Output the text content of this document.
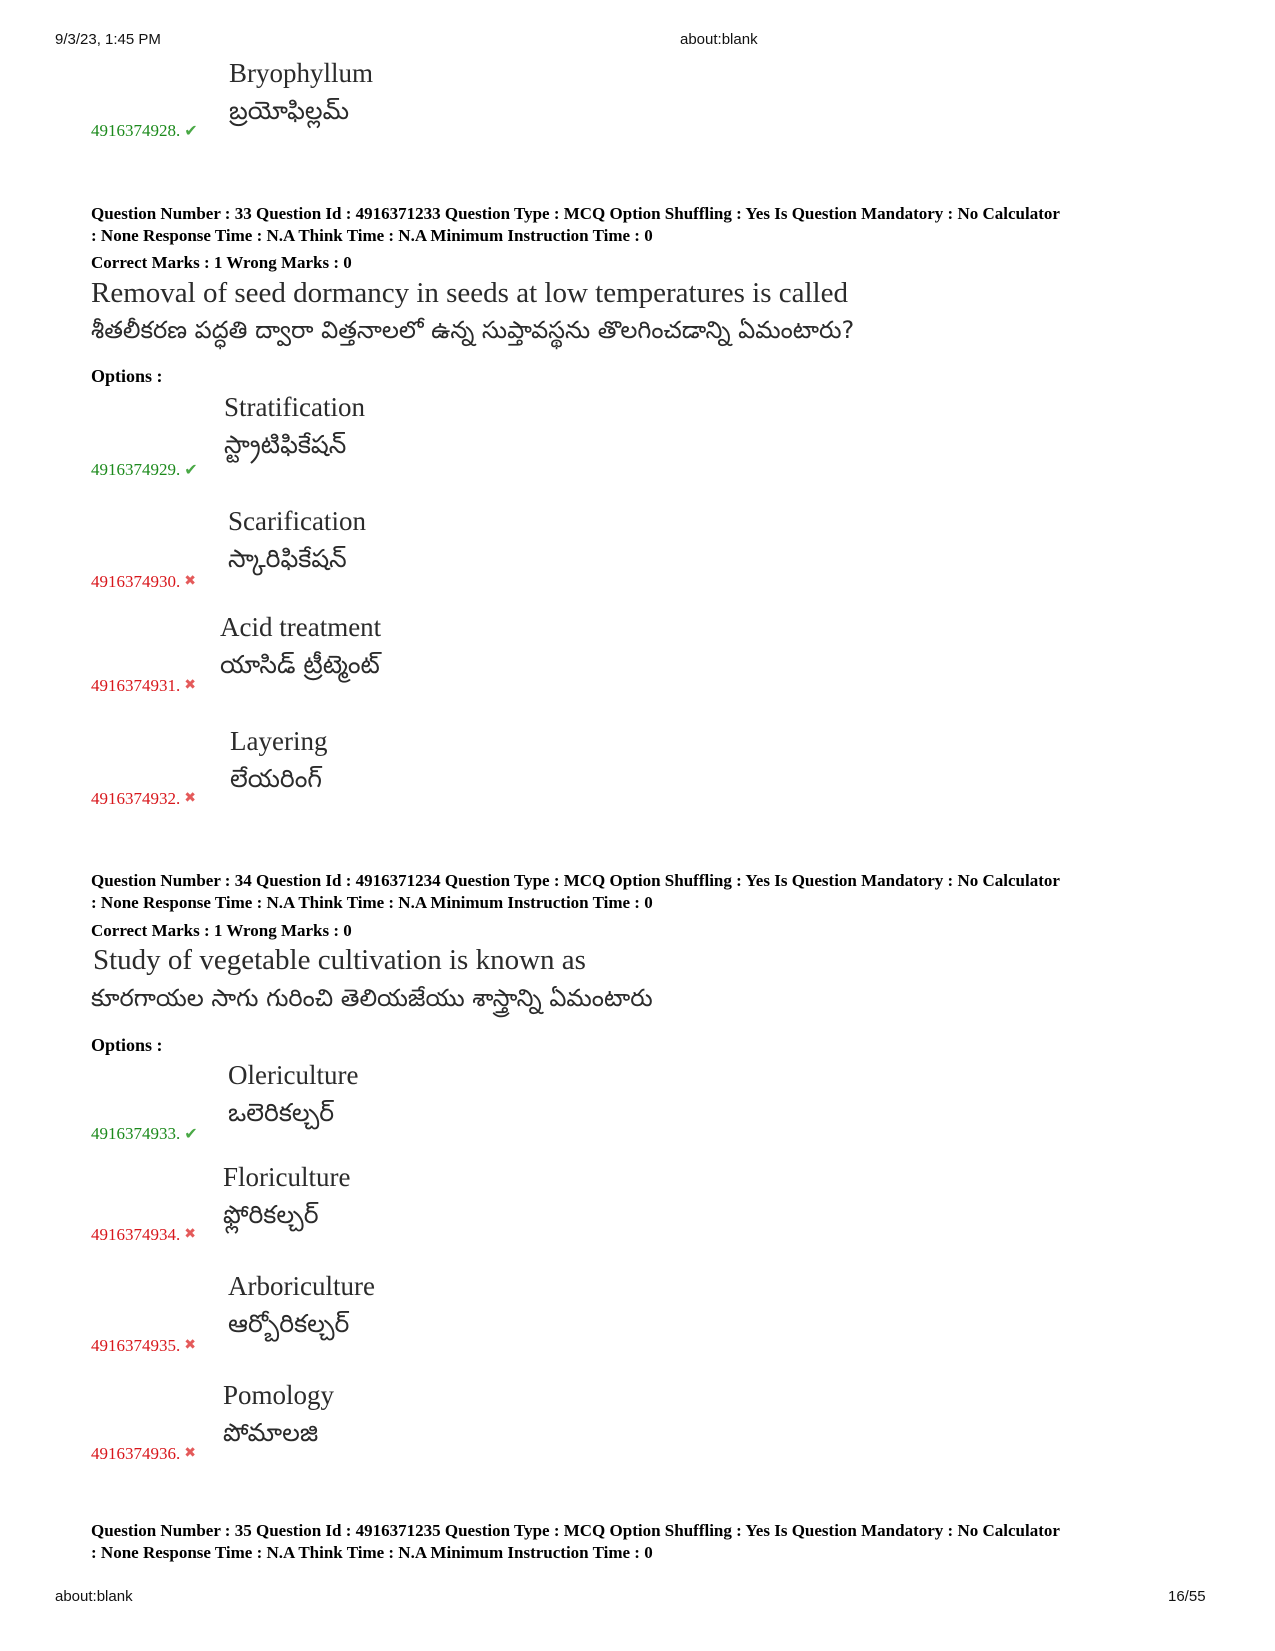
9/3/23, 1:45 PM	about:blank
about:blank	16/55
Bryophyllum
బ్రయోఫిల్లమ్
4916374928. ✔
Question Number : 33 Question Id : 4916371233 Question Type : MCQ Option Shuffling : Yes Is Question Mandatory : No Calculator
: None Response Time : N.A Think Time : N.A Minimum Instruction Time : 0
Correct Marks : 1 Wrong Marks : 0
Removal of seed dormancy in seeds at low temperatures is called
శీతలీకరణ పద్ధతి ద్వారా విత్తనాలలో ఉన్న సుప్తావస్థను తొలగించడాన్ని ఏమంటారు?
Options :
Stratification
స్ట్రాటిఫికేషన్
4916374929. ✔
Scarification
స్కారిఫికేషన్
4916374930. ✖
Acid treatment
యాసిడ్ ట్రీట్మెంట్
4916374931. ✖
Layering
లేయరింగ్
4916374932. ✖
Question Number : 34 Question Id : 4916371234 Question Type : MCQ Option Shuffling : Yes Is Question Mandatory : No Calculator
: None Response Time : N.A Think Time : N.A Minimum Instruction Time : 0
Correct Marks : 1 Wrong Marks : 0
Study of vegetable cultivation is known as
కూరగాయల సాగు గురించి తెలియజేయు శాస్త్రాన్ని ఏమంటారు
Options :
Olericulture
ఒలెరికల్చర్
4916374933. ✔
Floriculture
ఫ్లోరికల్చర్
4916374934. ✖
Arboriculture
ఆర్బోరికల్చర్
4916374935. ✖
Pomology
పోమాలజి
4916374936. ✖
Question Number : 35 Question Id : 4916371235 Question Type : MCQ Option Shuffling : Yes Is Question Mandatory : No Calculator
: None Response Time : N.A Think Time : N.A Minimum Instruction Time : 0
